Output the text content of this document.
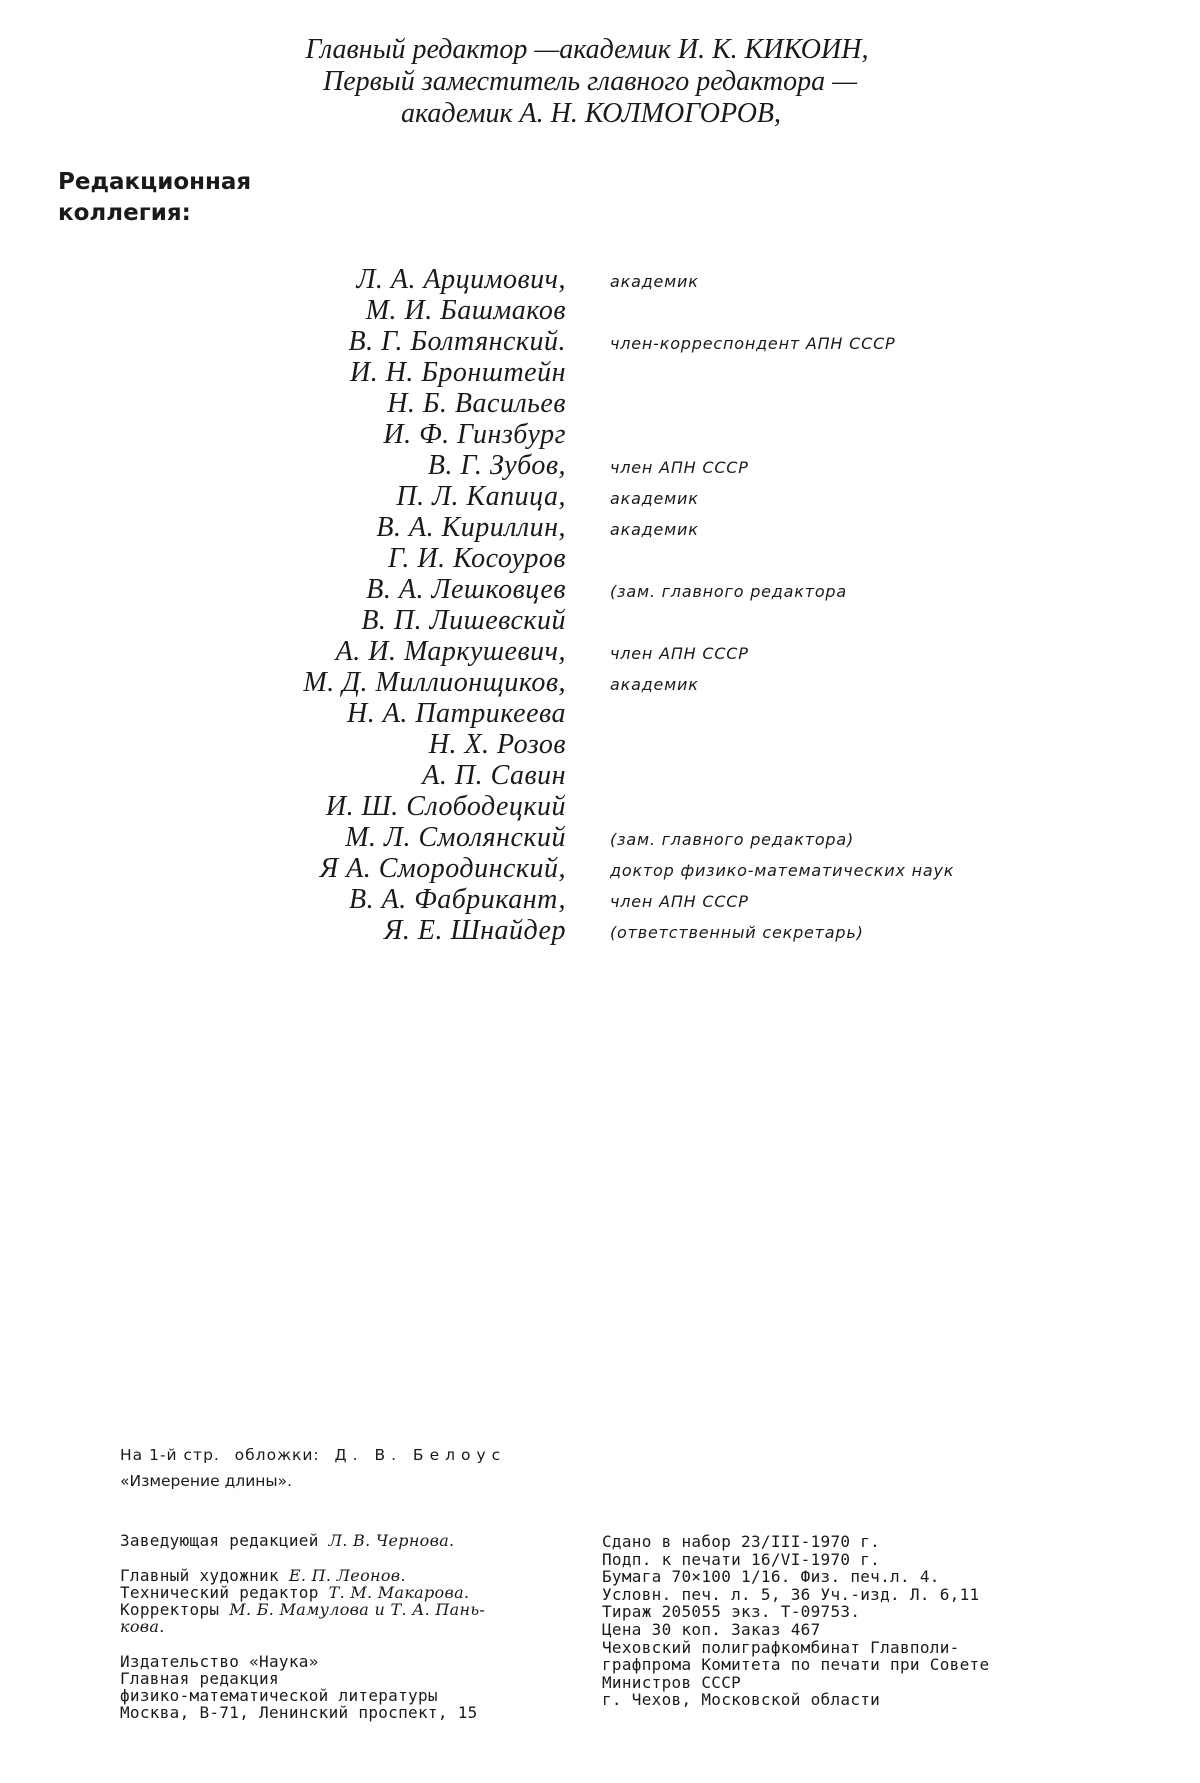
Главный редактор —академик И. К. КИКОИН,
Первый заместитель главного редактора —
академик А. Н. КОЛМОГОРОВ,
Редакционная
коллегия:
Л. А. Арцимович,	академик
М. И. Башмаков
В. Г. Болтянский.	член-корреспондент АПН СССР
И. Н. Бронштейн
Н. Б. Васильев
И. Ф. Гинзбург
В. Г. Зубов,	член АПН СССР
П. Л. Капица,	академик
В. А. Кириллин,	академик
Г. И. Косоуров
В. А. Лешковцев	(зам. главного редактора
В. П. Лишевский
А. И. Маркушевич,	член АПН СССР
М. Д. Миллионщиков,	академик
Н. А. Патрикеева
Н. Х. Розов
А. П. Савин
И. Ш. Слободецкий
М. Л. Смолянский	(зам. главного редактора)
Я А. Смородинский,	доктор физико-математических наук
В. А. Фабрикант,	член АПН СССР
Я. Е. Шнайдер	(ответственный секретарь)
На 1-й стр. обложки: Д. В. Белоус
«Измерение длины».
Заведующая редакцией Л. В. Чернова.
Главный художник Е. П. Леонов.
Технический редактор Т. М. Макарова.
Корректоры М. Б. Мамулова и Т. А. Пань-
кова.
Издательство «Наука»
Главная редакция
физико-математической литературы
Москва, В-71, Ленинский проспект, 15
Сдано в набор 23/III-1970 г.
Подп. к печати 16/VI-1970 г.
Бумага 70×100 1/16. Физ. печ.л. 4.
Условн. печ. л. 5, 36 Уч.-изд. Л. 6,11
Тираж 205055 экз. Т-09753.
Цена 30 коп. Заказ 467
Чеховский полиграфкомбинат Главполи-
графпрома Комитета по печати при Совете
Министров СССР
г. Чехов, Московской области
